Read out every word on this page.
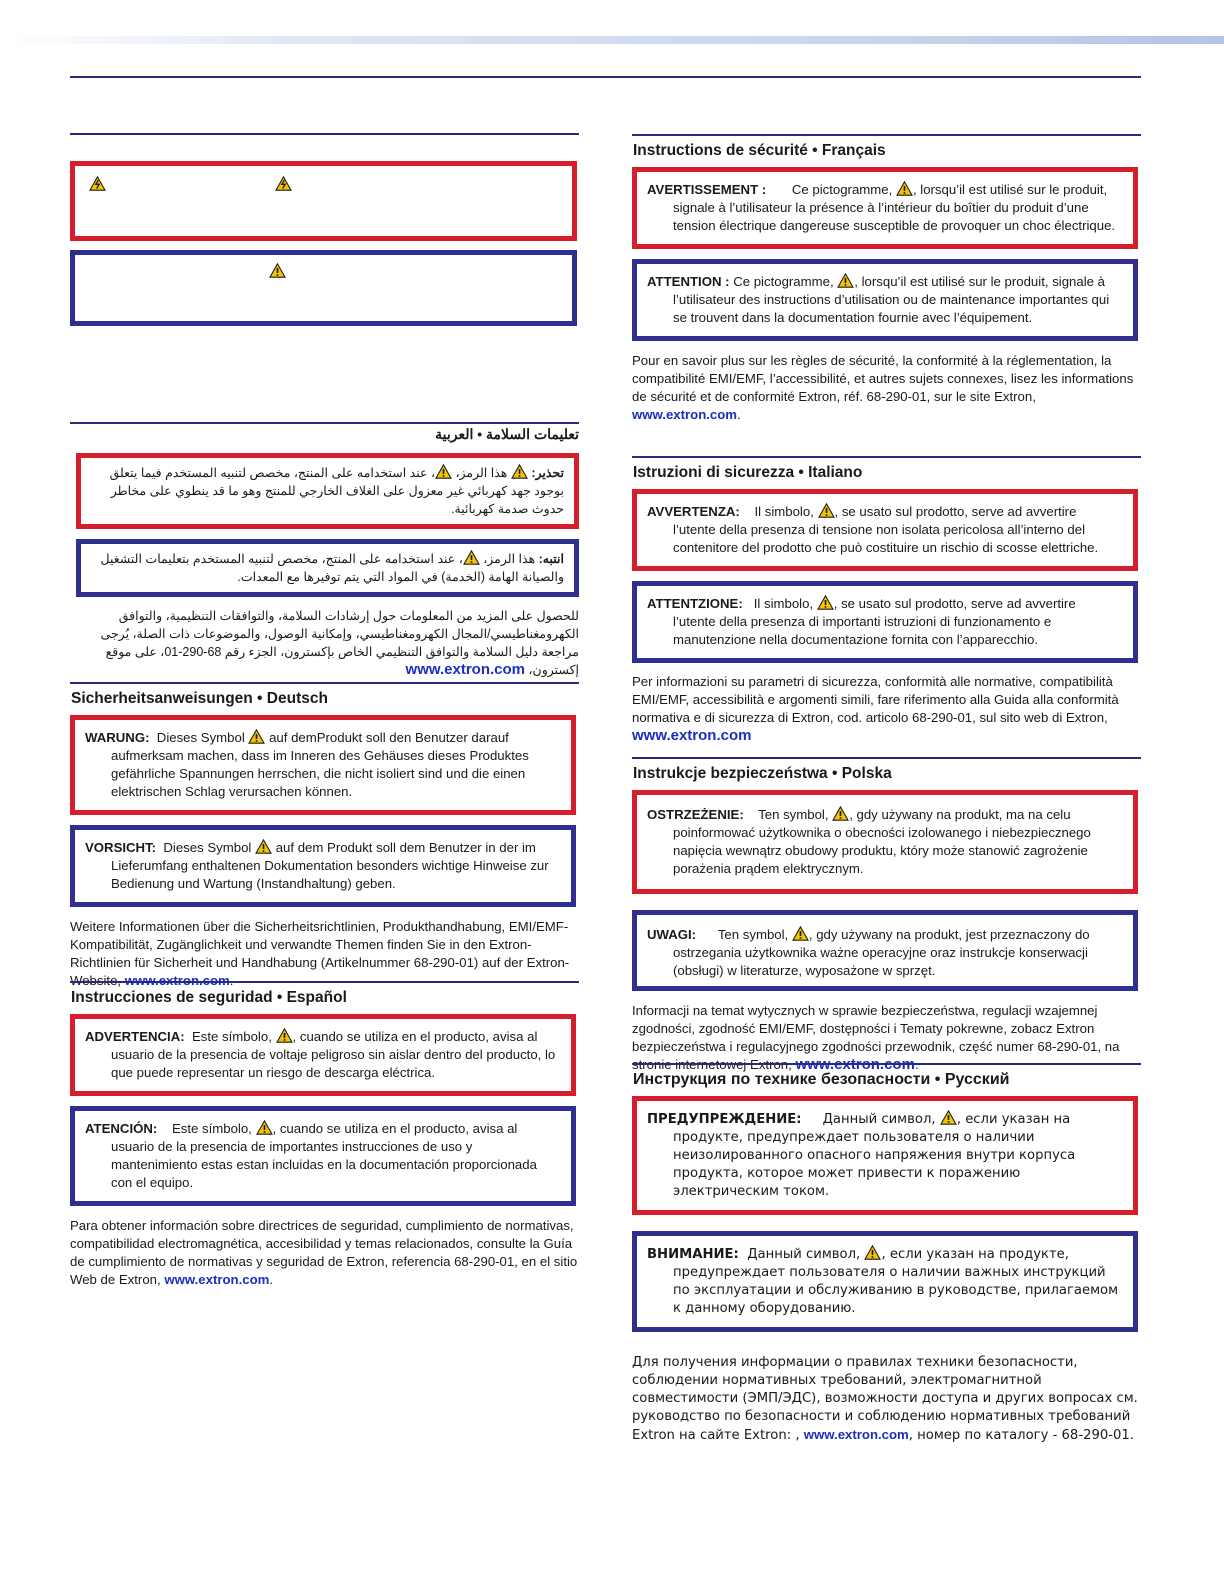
تعليمات السلامة • العربية
تحذير:
هذا الرمز،
، عند استخدامه على المنتج، مخصص لتنبيه المستخدم فيما يتعلق بوجود جهد كهربائي غير معزول على الغلاف الخارجي للمنتج وهو ما قد ينطوي على مخاطر حدوث صدمة كهربائية.
انتبه: هذا الرمز،
، عند استخدامه على المنتج، مخصص لتنبيه المستخدم بتعليمات التشغيل والصيانة الهامة (الخدمة) في المواد التي يتم توفيرها مع المعدات.
للحصول على المزيد من المعلومات حول إرشادات السلامة، والتوافقات التنظيمية، والتوافق الكهرومغناطيسي/المجال الكهرومغناطيسي، وإمكانية الوصول، والموضوعات ذات الصلة، يُرجى مراجعة دليل السلامة والتوافق التنظيمي الخاص بإكسترون، الجزء رقم 68-290-01، على موقع إكسترون، www.extron.com
Sicherheitsanweisungen • Deutsch
WARUNG: Dieses Symbol auf demProdukt soll den Benutzer darauf aufmerksam machen, dass im Inneren des Gehäuses dieses Produktes gefährliche Spannungen herrschen, die nicht isoliert sind und die einen elektrischen Schlag verursachen können.
VORSICHT: Dieses Symbol auf dem Produkt soll dem Benutzer in der im Lieferumfang enthaltenen Dokumentation besonders wichtige Hinweise zur Bedienung und Wartung (Instandhaltung) geben.
Weitere Informationen über die Sicherheitsrichtlinien, Produkthandhabung, EMI/EMF-Kompatibilität, Zugänglichkeit und verwandte Themen finden Sie in den Extron-Richtlinien für Sicherheit und Handhabung (Artikelnummer 68-290-01) auf der Extron-Website, www.extron.com.
Instrucciones de seguridad • Español
ADVERTENCIA: Este símbolo, , cuando se utiliza en el producto, avisa al usuario de la presencia de voltaje peligroso sin aislar dentro del producto, lo que puede representar un riesgo de descarga eléctrica.
ATENCIÓN: Este símbolo, , cuando se utiliza en el producto, avisa al usuario de la presencia de importantes instrucciones de uso y mantenimiento estas estan incluidas en la documentación proporcionada con el equipo.
Para obtener información sobre directrices de seguridad, cumplimiento de normativas, compatibilidad electromagnética, accesibilidad y temas relacionados, consulte la Guía de cumplimiento de normativas y seguridad de Extron, referencia 68-290-01, en el sitio Web de Extron, www.extron.com.
Instructions de sécurité • Français
AVERTISSEMENT : Ce pictogramme, , lorsqu’il est utilisé sur le produit, signale à l’utilisateur la présence à l’intérieur du boîtier du produit d’une tension électrique dangereuse susceptible de provoquer un choc électrique.
ATTENTION : Ce pictogramme, , lorsqu’il est utilisé sur le produit, signale à l’utilisateur des instructions d’utilisation ou de maintenance importantes qui se trouvent dans la documentation fournie avec l’équipement.
Pour en savoir plus sur les règles de sécurité, la conformité à la réglementation, la compatibilité EMI/EMF, l’accessibilité, et autres sujets connexes, lisez les informations de sécurité et de conformité Extron, réf. 68-290-01, sur le site Extron, www.extron.com.
Istruzioni di sicurezza • Italiano
AVVERTENZA: Il simbolo, , se usato sul prodotto, serve ad avvertire l’utente della presenza di tensione non isolata pericolosa all’interno del contenitore del prodotto che può costituire un rischio di scosse elettriche.
ATTENTZIONE: Il simbolo, , se usato sul prodotto, serve ad avvertire l’utente della presenza di importanti istruzioni di funzionamento e manutenzione nella documentazione fornita con l’apparecchio.
Per informazioni su parametri di sicurezza, conformità alle normative, compatibilità EMI/EMF, accessibilità e argomenti simili, fare riferimento alla Guida alla conformità normativa e di sicurezza di Extron, cod. articolo 68-290-01, sul sito web di Extron, www.extron.com
Instrukcje bezpieczeństwa • Polska
OSTRZEŻENIE: Ten symbol, , gdy używany na produkt, ma na celu poinformować użytkownika o obecności izolowanego i niebezpiecznego napięcia wewnątrz obudowy produktu, który może stanowić zagrożenie porażenia prądem elektrycznym.
UWAGI: Ten symbol, , gdy używany na produkt, jest przeznaczony do ostrzegania użytkownika ważne operacyjne oraz instrukcje konserwacji (obsługi) w literaturze, wyposażone w sprzęt.
Informacji na temat wytycznych w sprawie bezpieczeństwa, regulacji wzajemnej zgodności, zgodność EMI/EMF, dostępności i Tematy pokrewne, zobacz Extron bezpieczeństwa i regulacyjnego zgodności przewodnik, część numer 68-290-01, na stronie internetowej Extron, www.extron.com.
Инструкция по технике безопасности • Русский
ПРЕДУПРЕЖДЕНИЕ: Данный символ, , если указан на продукте, предупреждает пользователя о наличии неизолированного опасного напряжения внутри корпуса продукта, которое может привести к поражению электрическим током.
ВНИМАНИЕ: Данный символ, , если указан на продукте, предупреждает пользователя о наличии важных инструкций по эксплуатации и обслуживанию в руководстве, прилагаемом к данному оборудованию.
Для получения информации о правилах техники безопасности, соблюдении нормативных требований, электромагнитной совместимости (ЭМП/ЭДС), возможности доступа и других вопросах см. руководство по безопасности и соблюдению нормативных требований Extron на сайте Extron: , www.extron.com, номер по каталогу - 68-290-01.
